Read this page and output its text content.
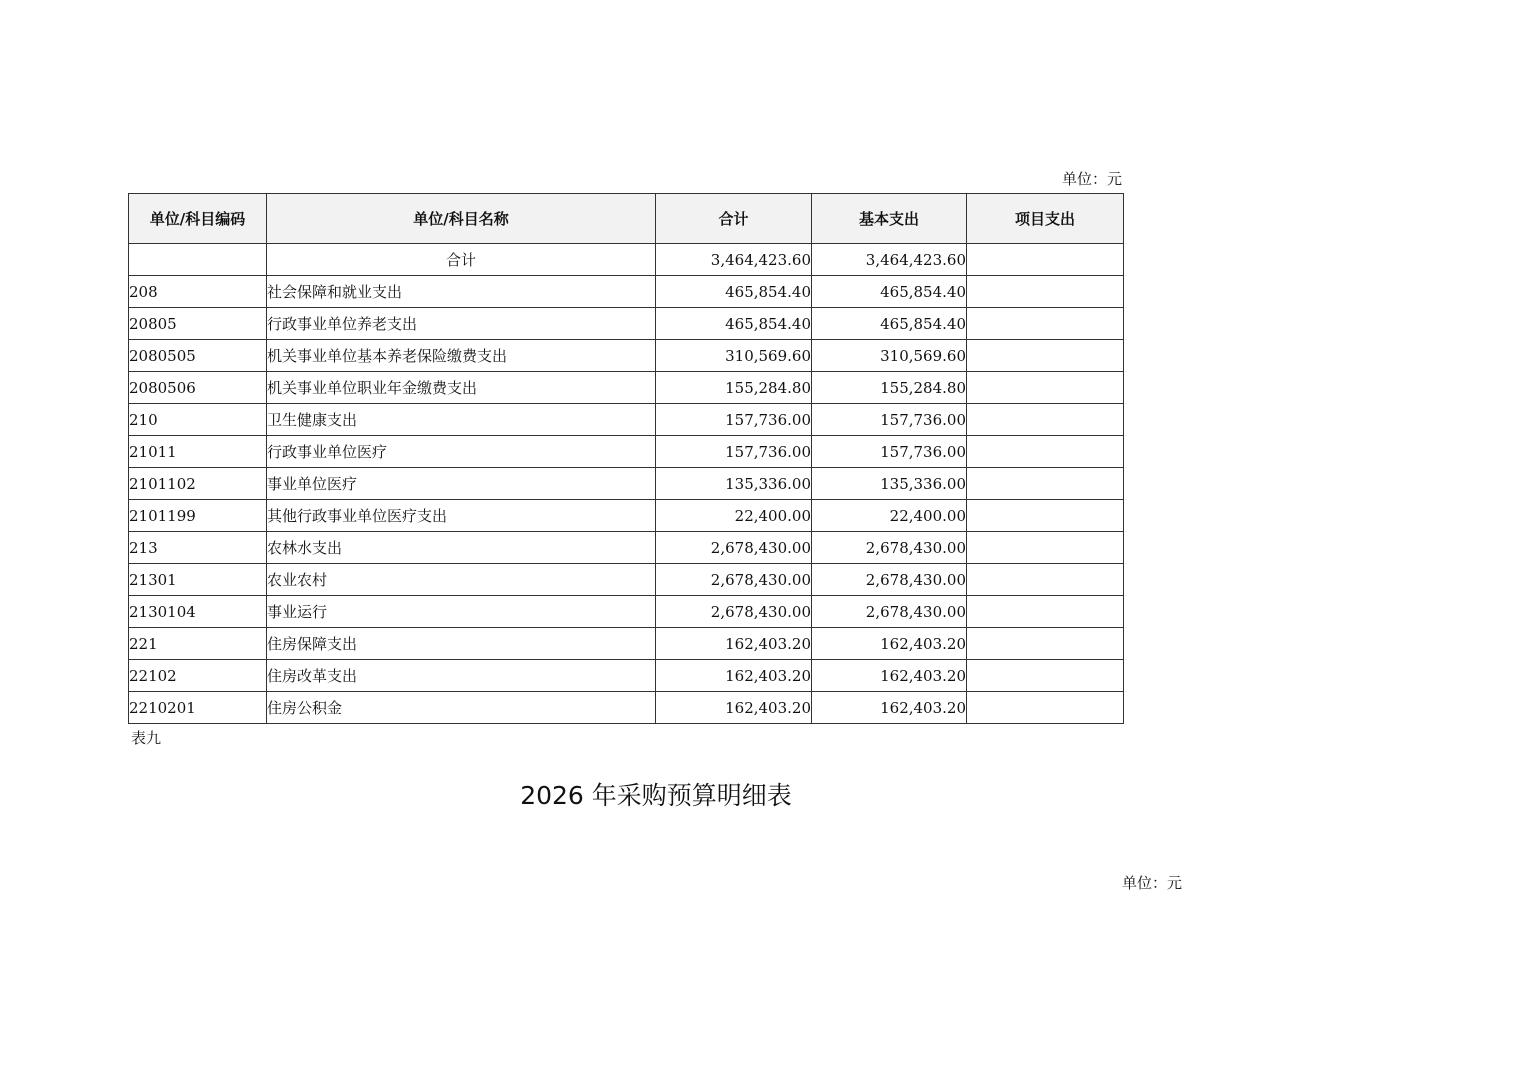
单位：元
单位/科目编码	单位/科目名称	合计	基本支出	项目支出
	合计	3,464,423.60	3,464,423.60	
208	社会保障和就业支出	465,854.40	465,854.40	
20805	行政事业单位养老支出	465,854.40	465,854.40	
2080505	机关事业单位基本养老保险缴费支出	310,569.60	310,569.60	
2080506	机关事业单位职业年金缴费支出	155,284.80	155,284.80	
210	卫生健康支出	157,736.00	157,736.00	
21011	行政事业单位医疗	157,736.00	157,736.00	
2101102	事业单位医疗	135,336.00	135,336.00	
2101199	其他行政事业单位医疗支出	22,400.00	22,400.00	
213	农林水支出	2,678,430.00	2,678,430.00	
21301	农业农村	2,678,430.00	2,678,430.00	
2130104	事业运行	2,678,430.00	2,678,430.00	
221	住房保障支出	162,403.20	162,403.20	
22102	住房改革支出	162,403.20	162,403.20	
2210201	住房公积金	162,403.20	162,403.20	
表九
2026 年采购预算明细表
单位：元
